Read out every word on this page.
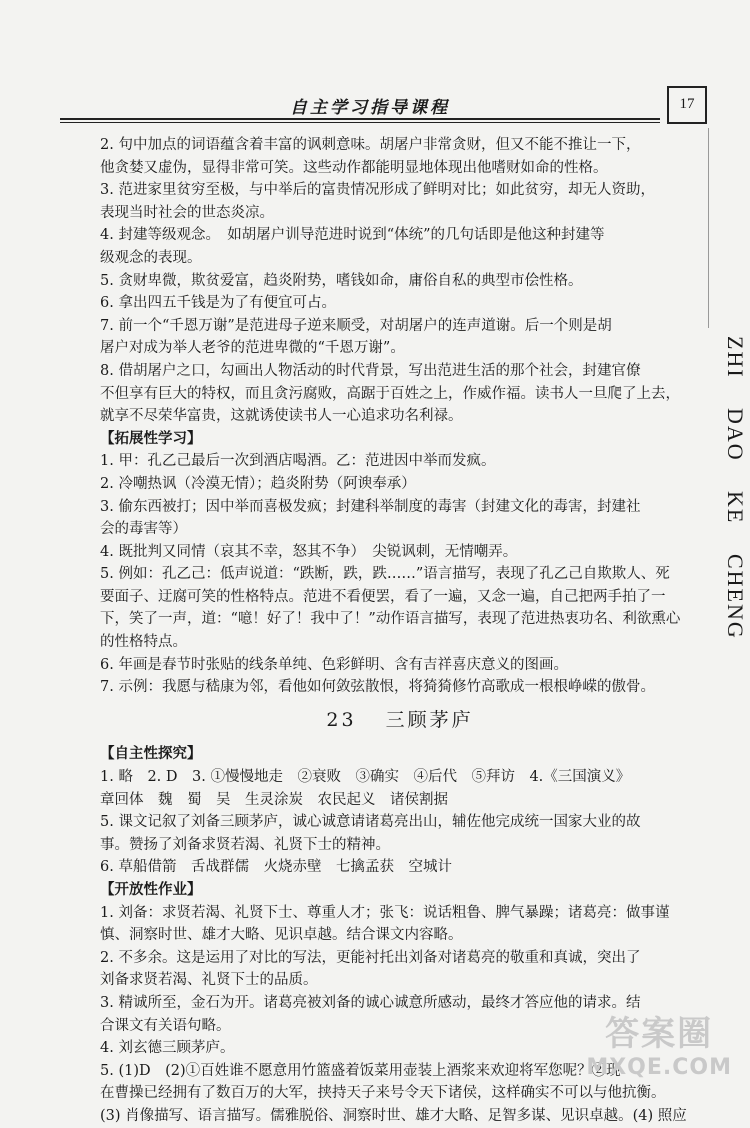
自主学习指导课程	17
ZHI DAO KE CHENG

2. 句中加点的词语蕴含着丰富的讽刺意味。胡屠户非常贪财，但又不能不推让一下，

他贪婪又虚伪，显得非常可笑。这些动作都能明显地体现出他嗜财如命的性格。

3. 范进家里贫穷至极，与中举后的富贵情况形成了鲜明对比；如此贫穷，却无人资助，

表现当时社会的世态炎凉。

4. 封建等级观念。　如胡屠户训导范进时说到“体统”的几句话即是他这种封建等

级观念的表现。

5. 贪财卑微，欺贫爱富，趋炎附势，嗜钱如命，庸俗自私的典型市侩性格。

6. 拿出四五千钱是为了有便宜可占。

7. 前一个“千恩万谢”是范进母子逆来顺受，对胡屠户的连声道谢。后一个则是胡

屠户对成为举人老爷的范进卑微的“千恩万谢”。

8. 借胡屠户之口，勾画出人物活动的时代背景，写出范进生活的那个社会，封建官僚

不但享有巨大的特权，而且贪污腐败，高踞于百姓之上，作威作福。读书人一旦爬了上去，

就享不尽荣华富贵，这就诱使读书人一心追求功名利禄。

【拓展性学习】

1. 甲：孔乙己最后一次到酒店喝酒。乙：范进因中举而发疯。

2. 冷嘲热讽（冷漠无情）；趋炎附势（阿谀奉承）

3. 偷东西被打；因中举而喜极发疯；封建科举制度的毒害（封建文化的毒害，封建社

会的毒害等）

4. 既批判又同情（哀其不幸，怒其不争）　尖锐讽刺，无情嘲弄。

5. 例如：孔乙己：低声说道：“跌断，跌，跌……”语言描写，表现了孔乙己自欺欺人、死

要面子、迂腐可笑的性格特点。范进不看便罢，看了一遍，又念一遍，自己把两手拍了一

下，笑了一声，道：“噫！好了！我中了！”动作语言描写，表现了范进热衷功名、利欲熏心

的性格特点。

6. 年画是春节时张贴的线条单纯、色彩鲜明、含有吉祥喜庆意义的图画。

7. 示例：我愿与嵇康为邻，看他如何敛弦散恨，将猗猗修竹高歌成一根根峥嵘的傲骨。

23 三顾茅庐

【自主性探究】

1. 略　2. D　3. ①慢慢地走　②衰败　③确实　④后代　⑤拜访　4.《三国演义》

章回体　魏　蜀　吴　生灵涂炭　农民起义　诸侯割据

5. 课文记叙了刘备三顾茅庐，诚心诚意请诸葛亮出山，辅佐他完成统一国家大业的故

事。赞扬了刘备求贤若渴、礼贤下士的精神。

6. 草船借箭　舌战群儒　火烧赤壁　七擒孟获　空城计

【开放性作业】

1. 刘备：求贤若渴、礼贤下士、尊重人才；张飞：说话粗鲁、脾气暴躁；诸葛亮：做事谨

慎、洞察时世、雄才大略、见识卓越。结合课文内容略。

2. 不多余。这是运用了对比的写法，更能衬托出刘备对诸葛亮的敬重和真诚，突出了

刘备求贤若渴、礼贤下士的品质。

3. 精诚所至，金石为开。诸葛亮被刘备的诚心诚意所感动，最终才答应他的请求。结

合课文有关语句略。

4. 刘玄德三顾茅庐。

5. (1)D　(2)①百姓谁不愿意用竹篮盛着饭菜用壶装上酒浆来欢迎将军您呢？②现

在曹操已经拥有了数百万的大军，挟持天子来号令天下诸侯，这样确实不可以与他抗衡。

(3) 肖像描写、语言描写。儒雅脱俗、洞察时世、雄才大略、足智多谋、见识卓越。(4) 照应

答案圈
MXQE.COM
